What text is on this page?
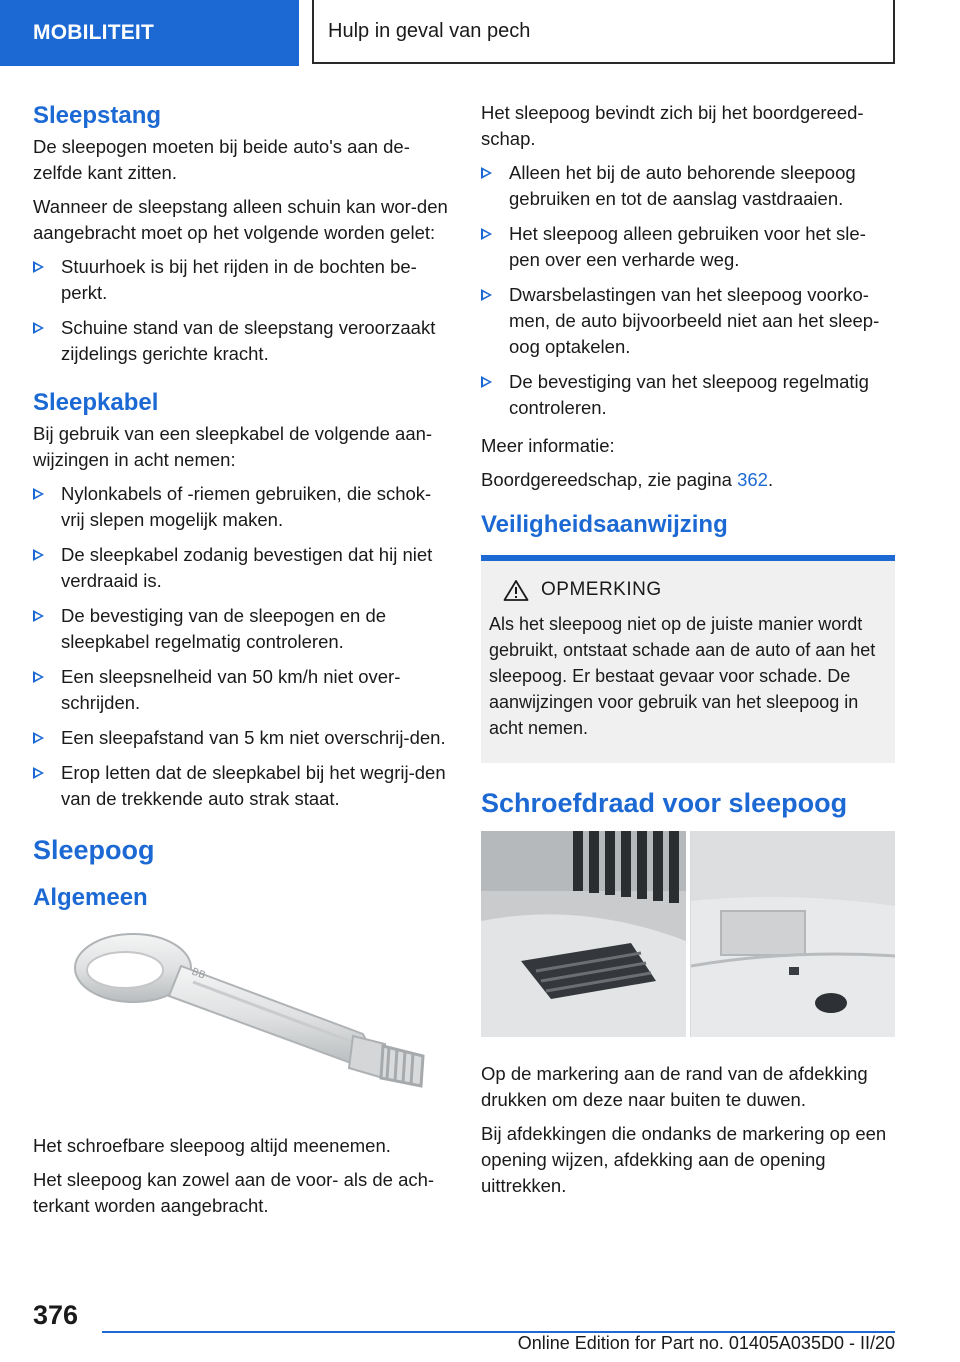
MOBILITEIT	Hulp in geval van pech
Sleepstang

De sleepogen moeten bij beide auto's aan de-zelfde kant zitten.

Wanneer de sleepstang alleen schuin kan wor-den aangebracht moet op het volgende worden gelet:

Stuurhoek is bij het rijden in de bochten be-perkt.
Schuine stand van de sleepstang veroorzaakt zijdelings gerichte kracht.
Sleepkabel

Bij gebruik van een sleepkabel de volgende aan-wijzingen in acht nemen:

Nylonkabels of -riemen gebruiken, die schok-vrij slepen mogelijk maken.
De sleepkabel zodanig bevestigen dat hij niet verdraaid is.
De bevestiging van de sleepogen en de sleepkabel regelmatig controleren.
Een sleepsnelheid van 50 km/h niet over-schrijden.
Een sleepafstand van 5 km niet overschrij-den.
Erop letten dat de sleepkabel bij het wegrij-den van de trekkende auto strak staat.
Sleepoog
Algemeen
BB

Het schroefbare sleepoog altijd meenemen.

Het sleepoog kan zowel aan de voor- als de ach-terkant worden aangebracht.

Het sleepoog bevindt zich bij het boordgereed-schap.

Alleen het bij de auto behorende sleepoog gebruiken en tot de aanslag vastdraaien.
Het sleepoog alleen gebruiken voor het sle-pen over een verharde weg.
Dwarsbelastingen van het sleepoog voorko-men, de auto bijvoorbeeld niet aan het sleep-oog optakelen.
De bevestiging van het sleepoog regelmatig controleren.

Meer informatie:

Boordgereedschap, zie pagina 362.

Veiligheidsaanwijzing
OPMERKING
Als het sleepoog niet op de juiste manier wordt gebruikt, ontstaat schade aan de auto of aan het sleepoog. Er bestaat gevaar voor schade. De aanwijzingen voor gebruik van het sleepoog in acht nemen.
Schroefdraad voor sleepoog

Op de markering aan de rand van de afdekking drukken om deze naar buiten te duwen.

Bij afdekkingen die ondanks de markering op een opening wijzen, afdekking aan de opening uittrekken.

376
Online Edition for Part no. 01405A035D0 - II/20
